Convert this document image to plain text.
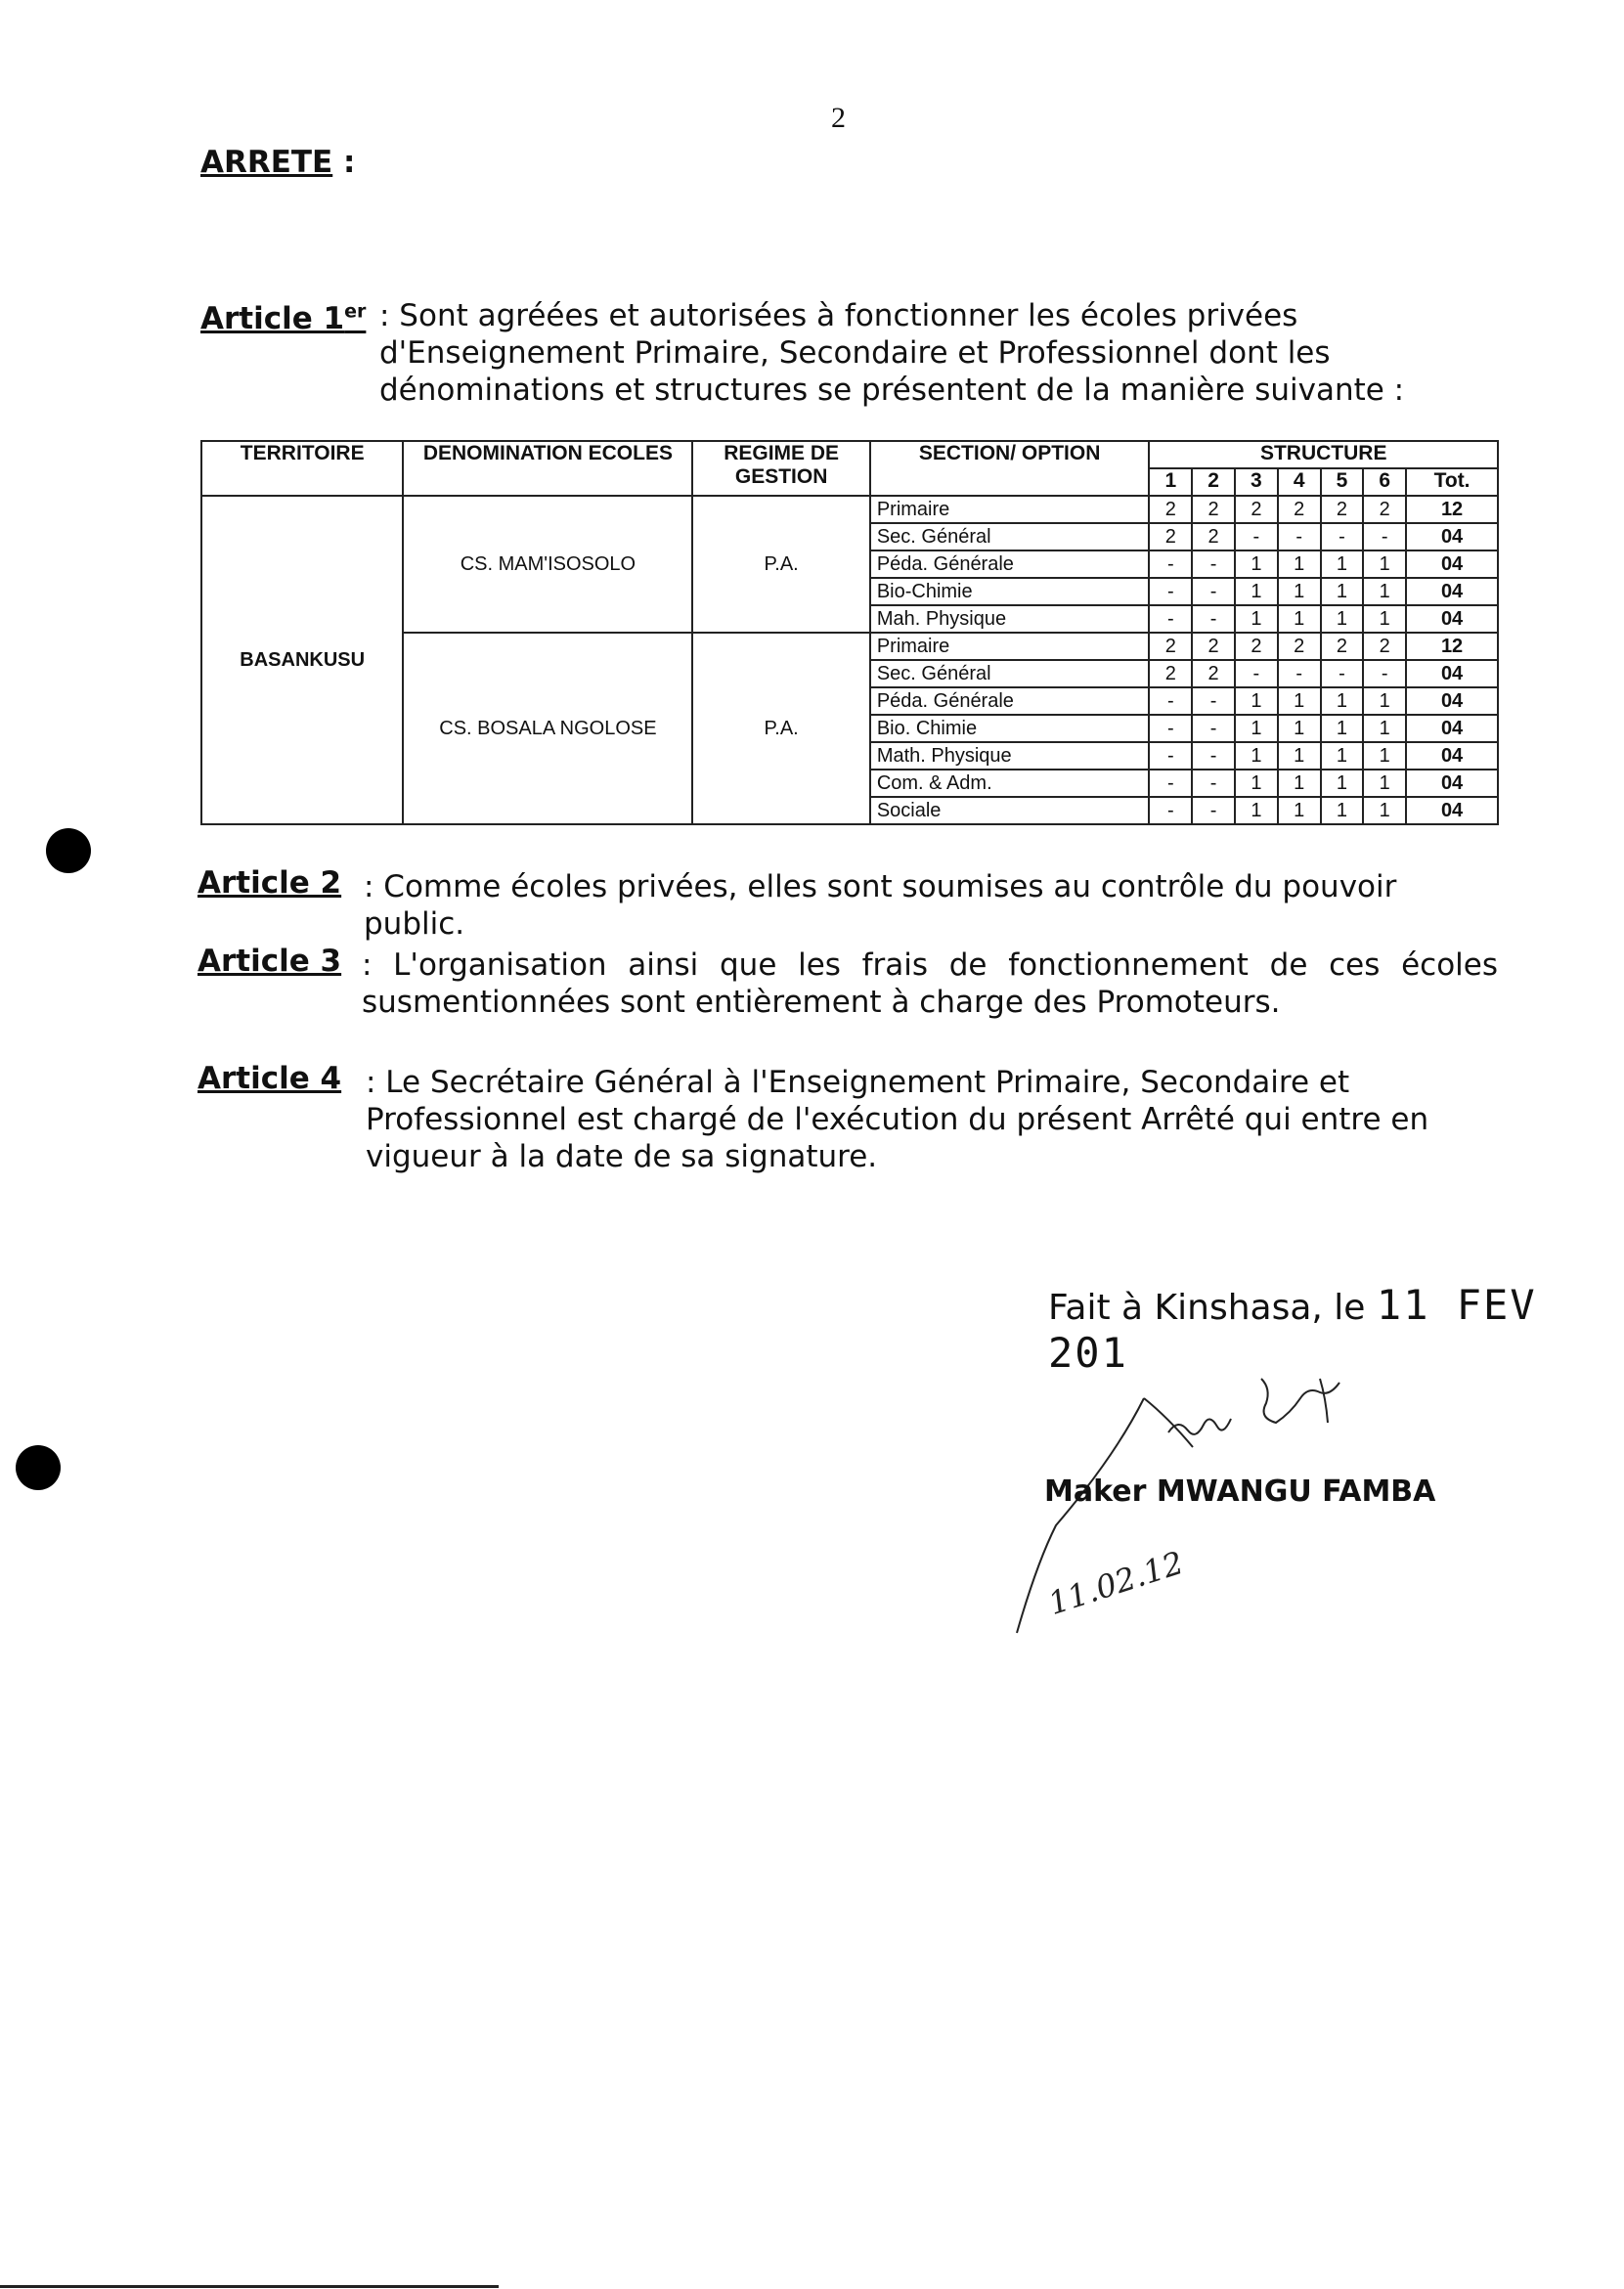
2
ARRETE :
Article 1er : Sont agréées et autorisées à fonctionner les écoles privées d'Enseignement Primaire, Secondaire et Professionnel dont les dénominations et structures se présentent de la manière suivante :
TERRITOIRE	DENOMINATION ECOLES	REGIME DE GESTION	SECTION/ OPTION	STRUCTURE						
				1	2	3	4	5	6	Tot.
BASANKUSU	CS. MAM'ISOSOLO	P.A.	Primaire	2	2	2	2	2	2	12
			Sec. Général	2	2	-	-	-	-	04
			Péda. Générale	-	-	1	1	1	1	04
			Bio-Chimie	-	-	1	1	1	1	04
			Mah. Physique	-	-	1	1	1	1	04
	CS. BOSALA NGOLOSE	P.A.	Primaire	2	2	2	2	2	2	12
			Sec. Général	2	2	-	-	-	-	04
			Péda. Générale	-	-	1	1	1	1	04
			Bio. Chimie	-	-	1	1	1	1	04
			Math. Physique	-	-	1	1	1	1	04
			Com. & Adm.	-	-	1	1	1	1	04
			Sociale	-	-	1	1	1	1	04
Article 2 : Comme écoles privées, elles sont soumises au contrôle du pouvoir public.
Article 3 : L'organisation ainsi que les frais de fonctionnement de ces écoles susmentionnées sont entièrement à charge des Promoteurs.
Article 4 : Le Secrétaire Général à l'Enseignement Primaire, Secondaire et Professionnel est chargé de l'exécution du présent Arrêté qui entre en vigueur à la date de sa signature.
Fait à Kinshasa, le 11 FEV 201
Maker MWANGU FAMBA
11.02.12
